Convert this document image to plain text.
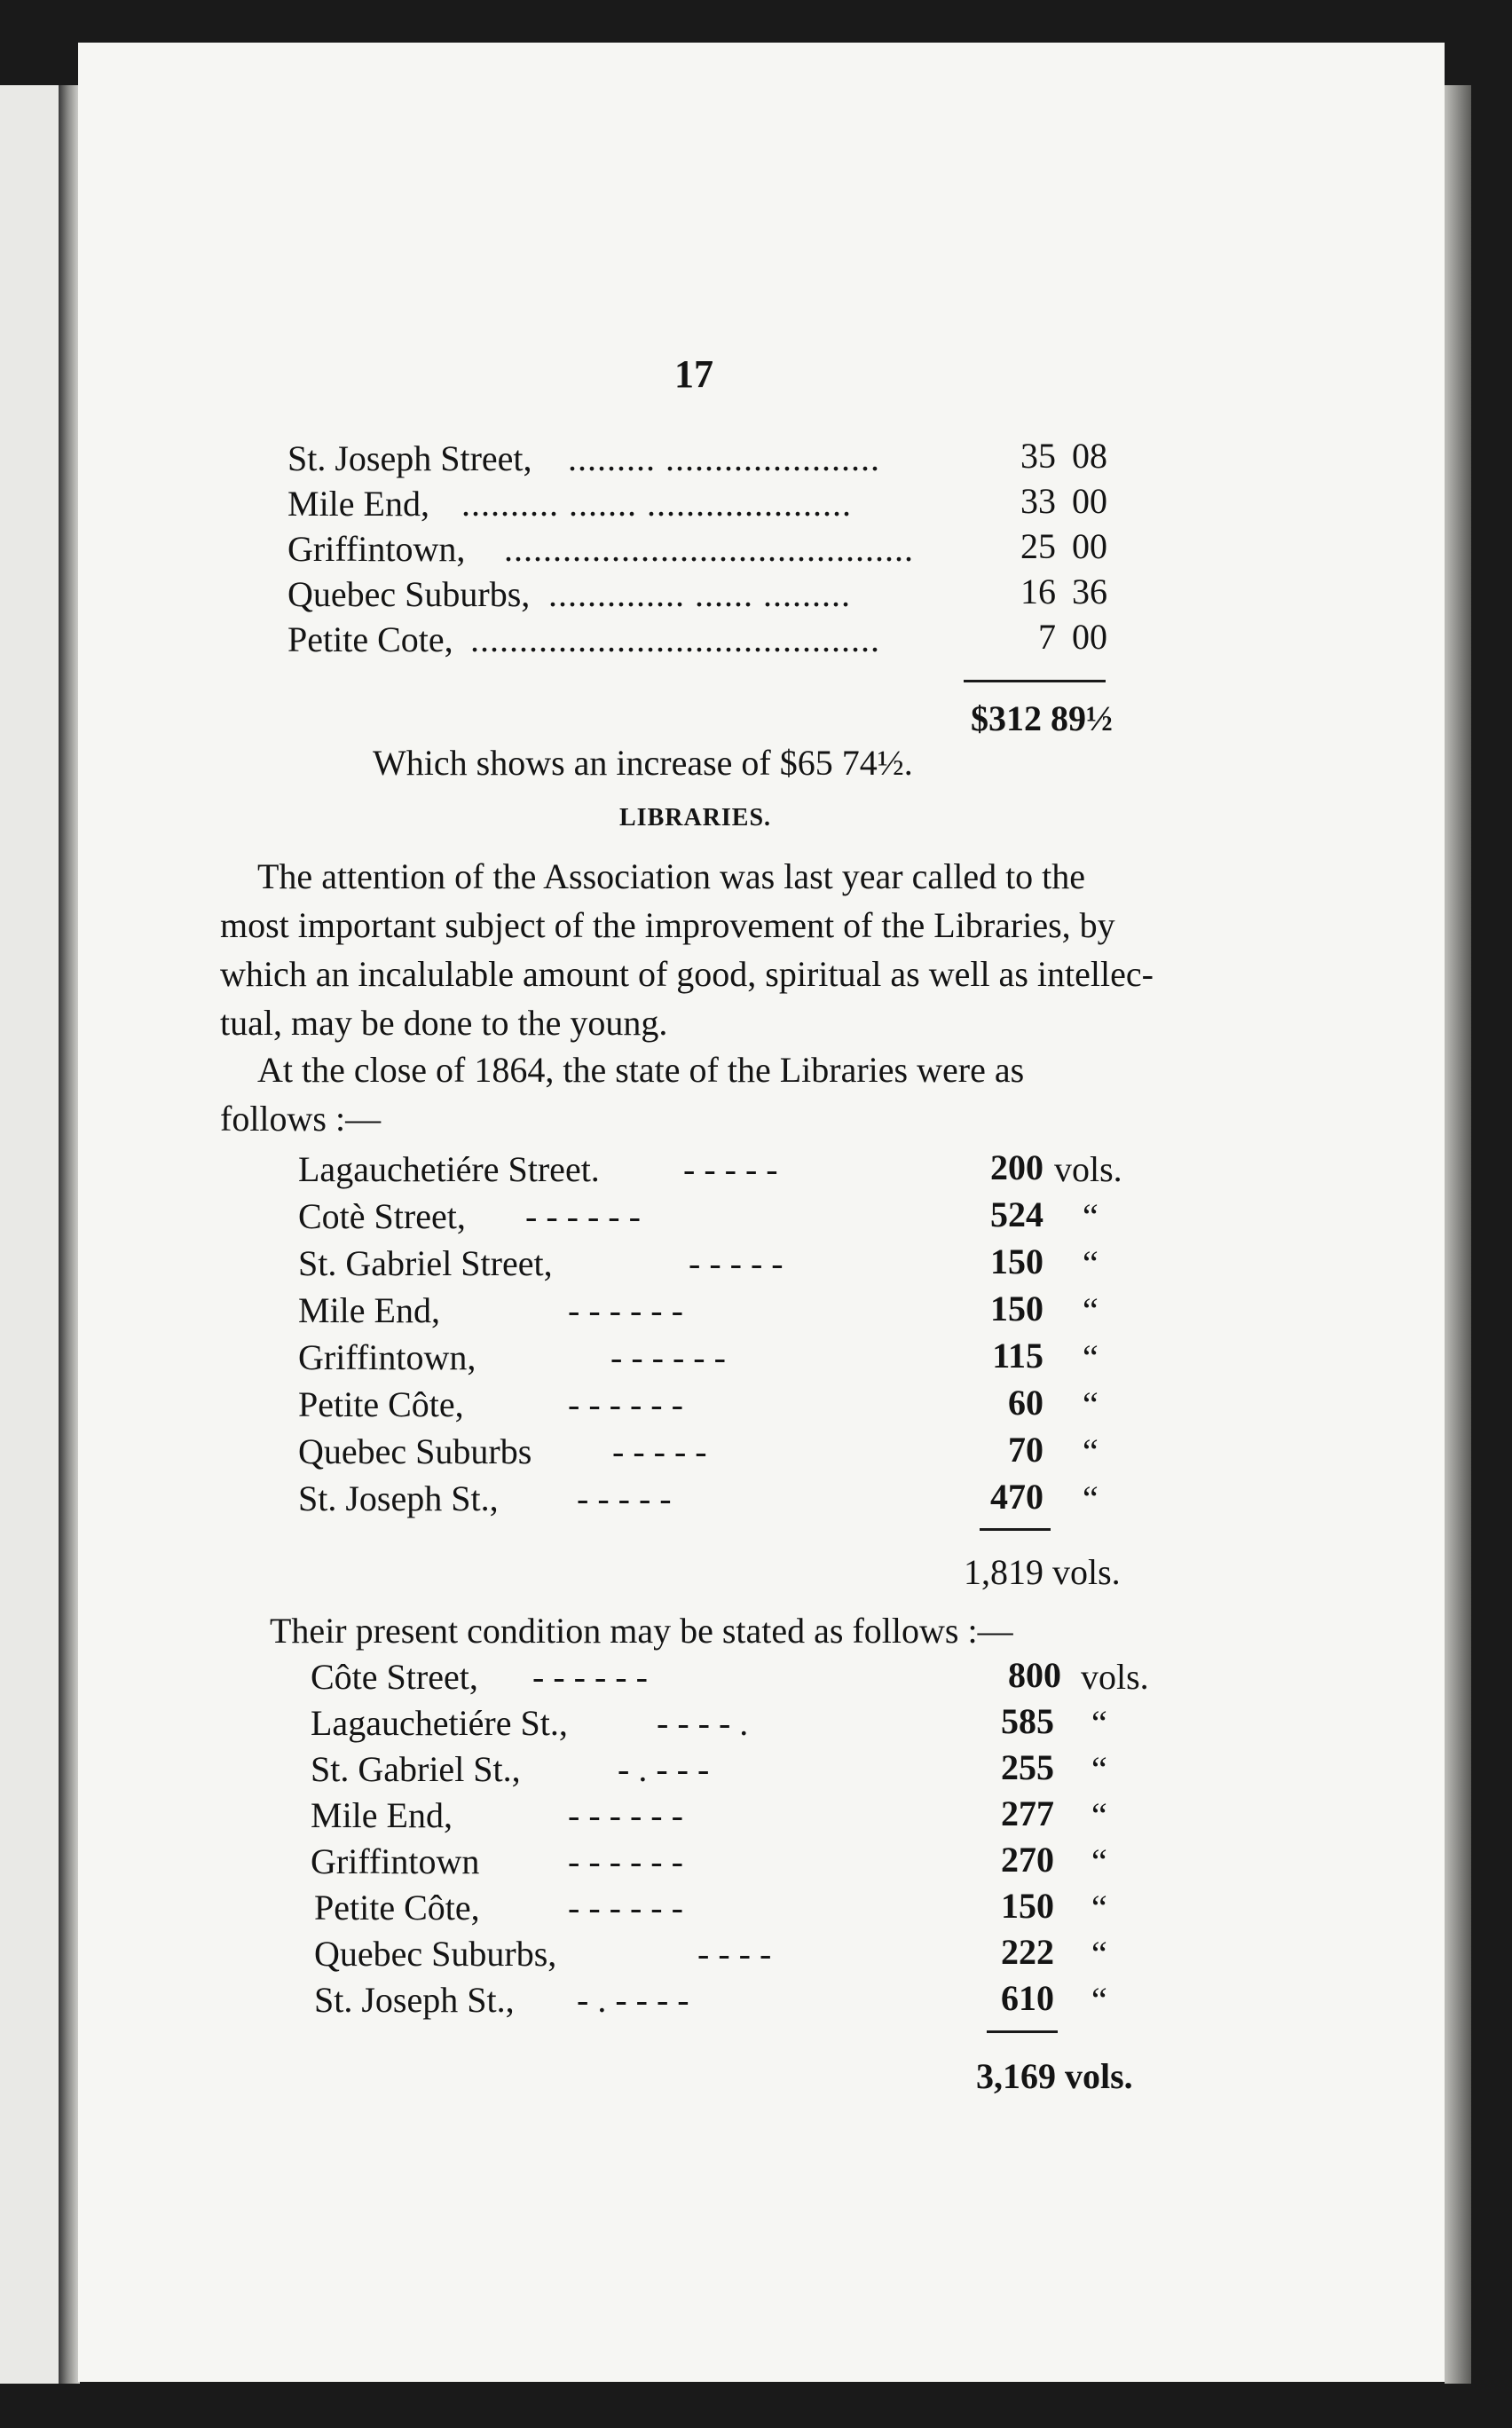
17
St. Joseph Street, ......... ......................	35 08
Mile End, .......... ....... .....................	33 00
Griffintown, ..........................................	25 00
Quebec Suburbs, .............. ...... .........	16 36
Petite Cote, ..........................................	7 00
$312 89½
Which shows an increase of $65 74½.
LIBRARIES.
The attention of the Association was last year called to the
most important subject of the improvement of the Libraries, by
which an incalulable amount of good, spiritual as well as intellec-
tual, may be done to the young.
At the close of 1864, the state of the Libraries were as
follows :—
Lagauchetiére Street. - - - - -	200 vols.
Cotè Street, - - - - - -	524 “
St. Gabriel Street,	- - - - -	150 “
Mile End,	- - - - - -	150 “
Griffintown,	- - - - - -	115 “
Petite Côte,	- - - - - -	60 “
Quebec Suburbs - - - - -	70 “
St. Joseph St., - - - - -	470 “
1,819 vols.
Their present condition may be stated as follows :—
Côte Street, - - - - - -	800 vols.
Lagauchetiére St.,	- - - - .	585 “
St. Gabriel St.,	- . - - -	255 “
Mile End,	- - - - - -	277 “
Griffintown - - - - - -	270 “
Petite Côte, - - - - - -	150 “
Quebec Suburbs,	- - - -	222 “
St. Joseph St., - . - - - -	610 “
3,169 vols.
